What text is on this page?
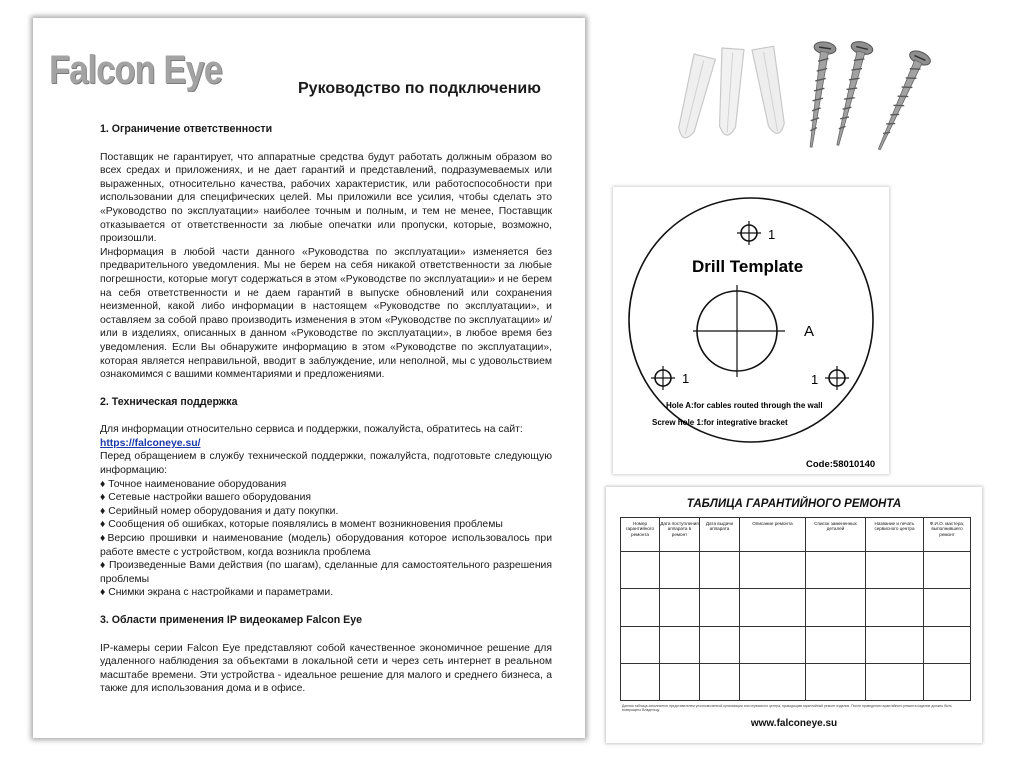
Falcon Eye	Руководство по подключению
1. Ограничение ответственности

Поставщик не гарантирует, что аппаратные средства будут работать должным образом во всех средах и приложениях, и не дает гарантий и представлений, подразумеваемых или выраженных, относительно качества, рабочих характеристик, или работоспособности при использовании для специфических целей. Мы приложили все усилия, чтобы сделать это «Руководство по эксплуатации» наиболее точным и полным, и тем не менее, Поставщик отказывается от ответственности за любые опечатки или пропуски, которые, возможно, произошли.

Информация в любой части данного «Руководства по эксплуатации» изменяется без предварительного уведомления. Мы не берем на себя никакой ответственности за любые погрешности, которые могут содержаться в этом «Руководстве по эксплуатации» и не берем на себя ответственности и не даем гарантий в выпуске обновлений или сохранения неизменной, какой либо информации в настоящем «Руководстве по эксплуатации», и оставляем за собой право производить изменения в этом «Руководстве по эксплуатации» и/или в изделиях, описанных в данном «Руководстве по эксплуатации», в любое время без уведомления. Если Вы обнаружите информацию в этом «Руководстве по эксплуатации», которая является неправильной, вводит в заблуждение, или неполной, мы с удовольствием ознакомимся с вашими комментариями и предложениями.

2. Техническая поддержка

Для информации относительно сервиса и поддержки, пожалуйста, обратитесь на сайт:

https://falconeye.su/

Перед обращением в службу технической поддержки, пожалуйста, подготовьте следующую информацию:

♦ Точное наименование оборудования

♦ Сетевые настройки вашего оборудования

♦ Серийный номер оборудования и дату покупки.

♦ Сообщения об ошибках, которые появлялись в момент возникновения проблемы

♦Версию прошивки и наименование (модель) оборудования которое использовалось при работе вместе с устройством, когда возникла проблема

♦ Произведенные Вами действия (по шагам), сделанные для самостоятельного разрешения проблемы

♦ Снимки экрана с настройками и параметрами.

3. Области применения IP видеокамер Falcon Eye

IP-камеры серии Falcon Eye представляют собой качественное экономичное решение для удаленного наблюдения за объектами в локальной сети и через сеть интернет в реальном масштабе времени. Эти устройства - идеальное решение для малого и среднего бизнеса, а также для использования дома и в офисе.

1
1	1
A
Drill Template
Hole A:for cables routed through the wall
Screw hole 1:for integrative bracket
Code:58010140
ТАБЛИЦА ГАРАНТИЙНОГО РЕМОНТА
Номер гарантийного ремонта	Дата поступления аппарата в ремонт	Дата выдачи аппарата	Описание ремонта	Список замененных деталей	Название и печать сервисного центра	Ф.И.О. мастера, выполнившего ремонт

Данная таблица заполняется представителем уполномоченной организации или сервисного центра, проводящим гарантийный ремонт изделия. После проведения гарантийного ремонта изделие должно быть возвращено Владельцу.
www.falconeye.su
